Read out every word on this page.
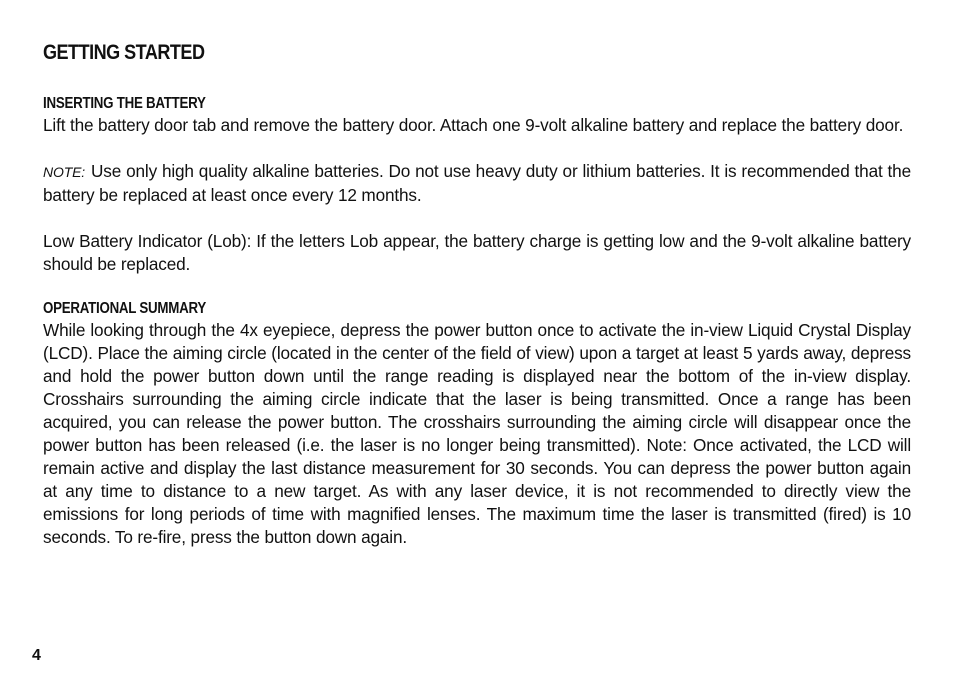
GETTING STARTED
INSERTING THE BATTERY

Lift the battery door tab and remove the battery door. Attach one 9-volt alkaline battery and replace the battery door.

NOTE: Use only high quality alkaline batteries. Do not use heavy duty or lithium batteries. It is recommended that the battery be replaced at least once every 12 months.

Low Battery Indicator (Lob): If the letters Lob appear, the battery charge is getting low and the 9-volt alkaline battery should be replaced.

OPERATIONAL SUMMARY

While looking through the 4x eyepiece, depress the power button once to activate the in-view Liquid Crystal Display (LCD). Place the aiming circle (located in the center of the field of view) upon a target at least 5 yards away, depress and hold the power button down until the range reading is displayed near the bottom of the in-view display. Crosshairs surrounding the aiming circle indicate that the laser is being transmitted. Once a range has been acquired, you can release the power button. The crosshairs surrounding the aiming circle will disappear once the power button has been released (i.e. the laser is no longer being transmitted). Note: Once activated, the LCD will remain active and display the last distance measurement for 30 seconds. You can depress the power button again at any time to distance to a new target. As with any laser device, it is not recommended to directly view the emissions for long periods of time with magnified lenses. The maximum time the laser is transmitted (fired) is 10 seconds. To re-fire, press the button down again.

4
